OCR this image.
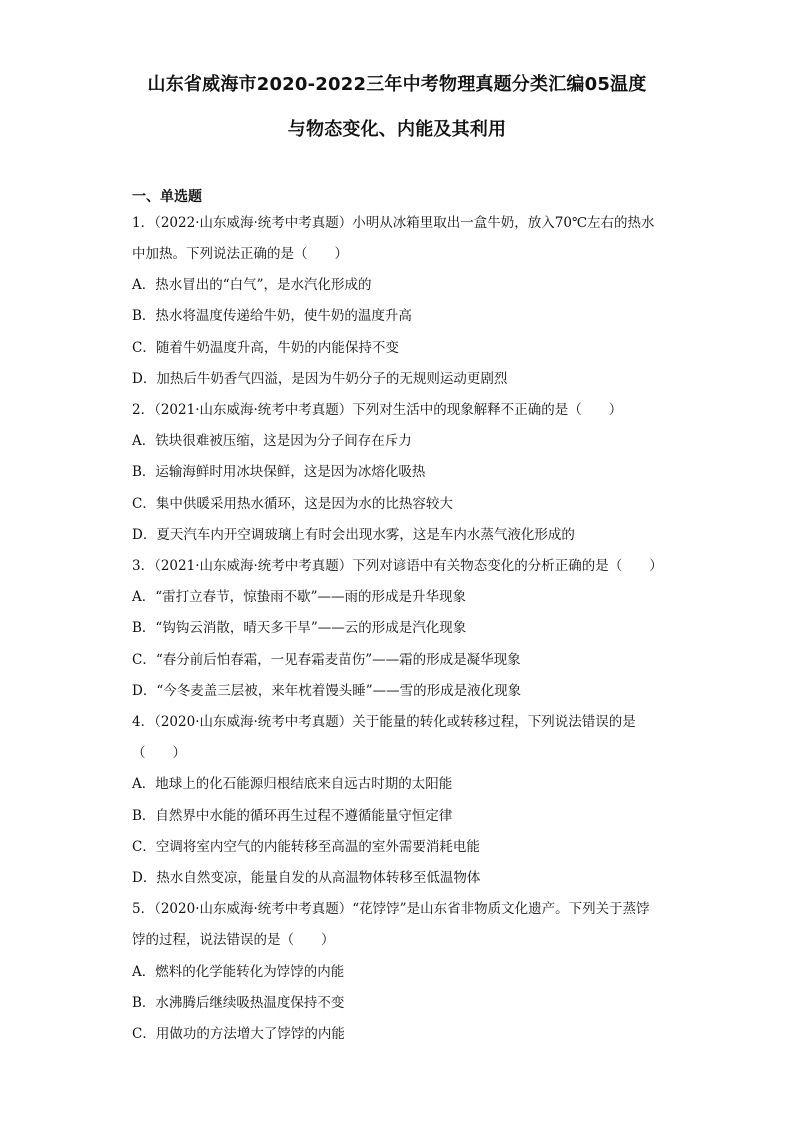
山东省威海市2020-2022三年中考物理真题分类汇编05温度
与物态变化、内能及其利用
一、单选题
1．（2022·山东威海·统考中考真题）小明从冰箱里取出一盒牛奶，放入70℃左右的热水
中加热。下列说法正确的是（　　）
A．热水冒出的“白气”，是水汽化形成的
B．热水将温度传递给牛奶，使牛奶的温度升高
C．随着牛奶温度升高，牛奶的内能保持不变
D．加热后牛奶香气四溢，是因为牛奶分子的无规则运动更剧烈
2．（2021·山东威海·统考中考真题）下列对生活中的现象解释不正确的是（　　）
A．铁块很难被压缩，这是因为分子间存在斥力
B．运输海鲜时用冰块保鲜，这是因为冰熔化吸热
C．集中供暖采用热水循环，这是因为水的比热容较大
D．夏天汽车内开空调玻璃上有时会出现水雾，这是车内水蒸气液化形成的
3．（2021·山东威海·统考中考真题）下列对谚语中有关物态变化的分析正确的是（　　）
A．“雷打立春节，惊蛰雨不歇”——雨的形成是升华现象
B．“钩钩云消散，晴天多干旱”——云的形成是汽化现象
C．“春分前后怕春霜，一见春霜麦苗伤”——霜的形成是凝华现象
D．“今冬麦盖三层被，来年枕着馒头睡”——雪的形成是液化现象
4．（2020·山东威海·统考中考真题）关于能量的转化或转移过程，下列说法错误的是
（　　）
A．地球上的化石能源归根结底来自远古时期的太阳能
B．自然界中水能的循环再生过程不遵循能量守恒定律
C．空调将室内空气的内能转移至高温的室外需要消耗电能
D．热水自然变凉，能量自发的从高温物体转移至低温物体
5．（2020·山东威海·统考中考真题）“花饽饽”是山东省非物质文化遗产。下列关于蒸饽
饽的过程，说法错误的是（　　）
A．燃料的化学能转化为饽饽的内能
B．水沸腾后继续吸热温度保持不变
C．用做功的方法增大了饽饽的内能
